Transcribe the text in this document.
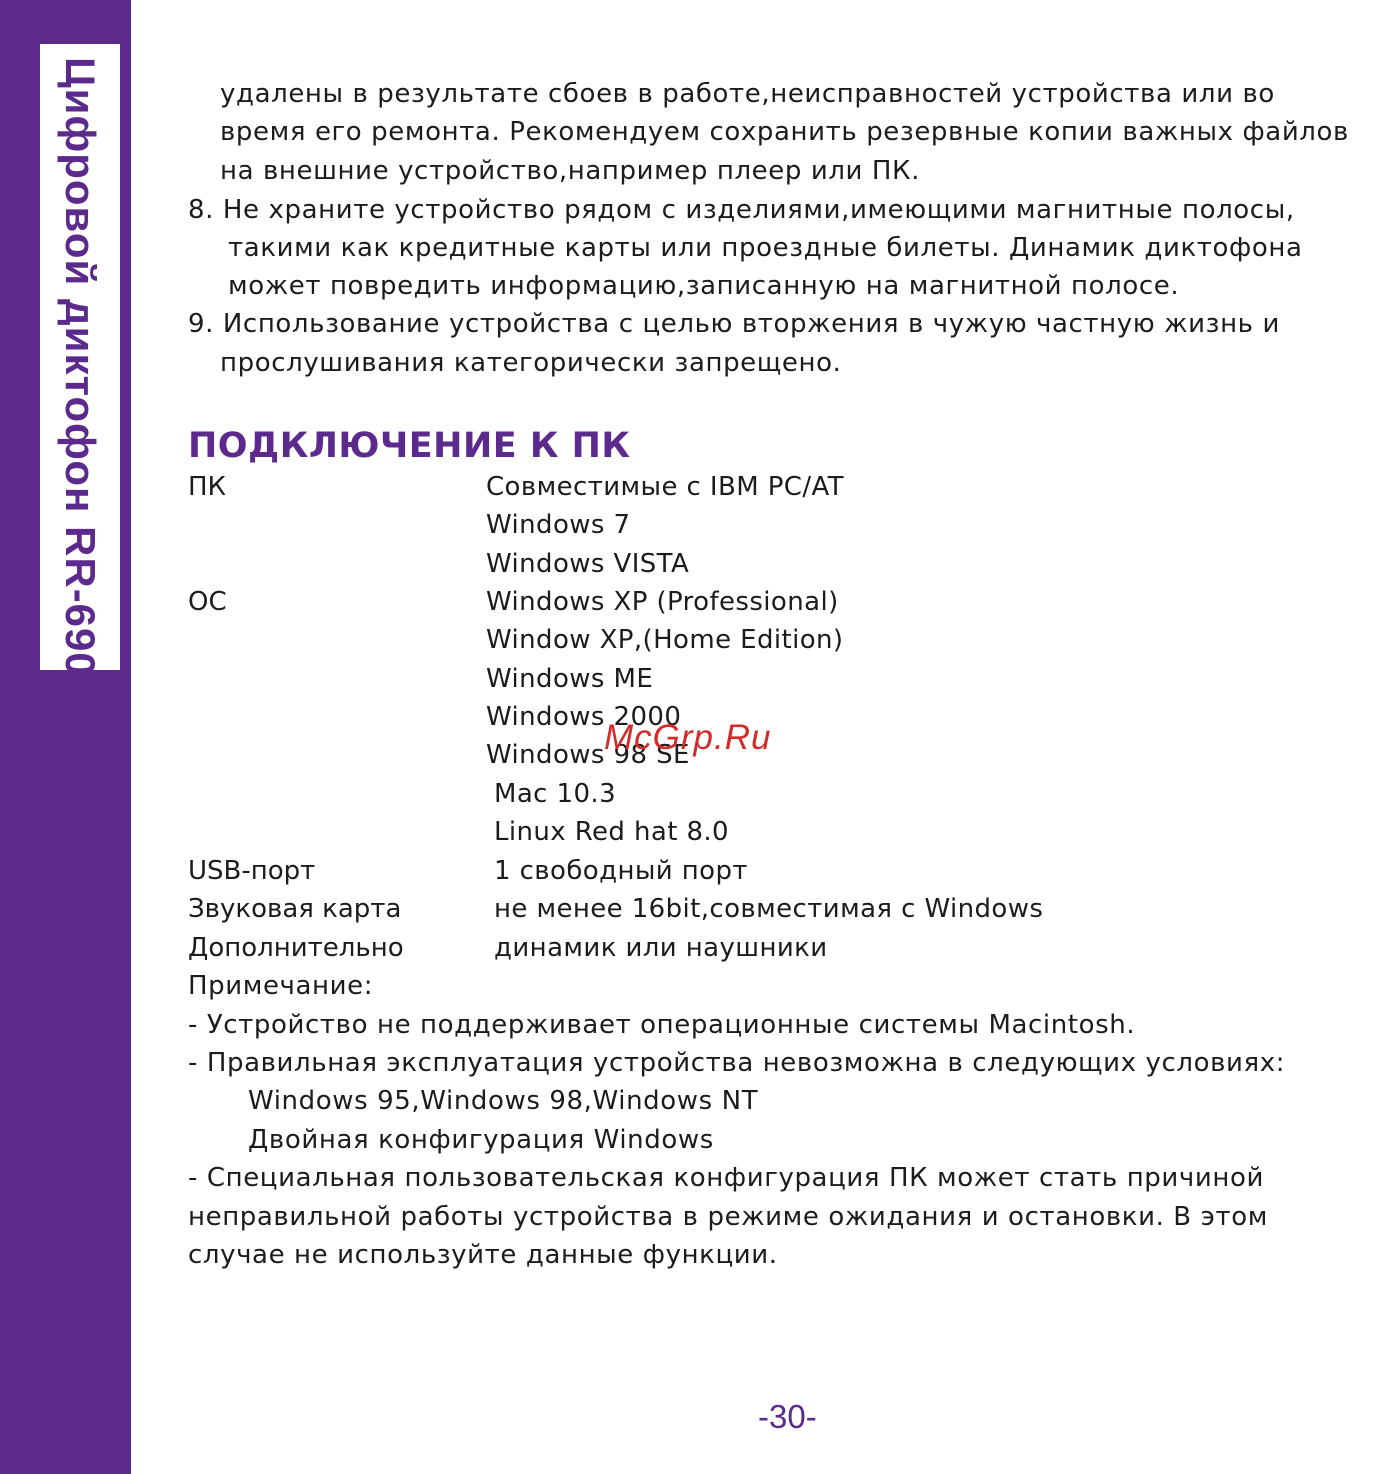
Цифровой диктофон RR-690	удалены в результате сбоев в работе,неисправностей устройства или во
время его ремонта. Рекомендуем сохранить резервные копии важных файлов
на внешние устройство,например плеер или ПК.
8. Не храните устройство рядом с изделиями,имеющими магнитные полосы,
такими как кредитные карты или проездные билеты. Динамик диктофона
может повредить информацию,записанную на магнитной полосе.
9. Использование устройства с целью вторжения в чужую частную жизнь и
прослушивания категорически запрещено.
ПОДКЛЮЧЕНИЕ К ПК
ПК	Совместимые с IBM PC/AT
Windows 7
Windows VISTA
ОС	Windows XP (Professional)
Window XP,(Home Edition)
Windows ME
Windows 2000
Windows 98 SE
Mac 10.3
Linux Red hat 8.0
USB-порт	1 свободный порт
Звуковая карта	не менее 16bit,совместимая с Windows
Дополнительно	динамик или наушники
Примечание:
- Устройство не поддерживает операционные системы Macintosh.
- Правильная эксплуатация устройства невозможна в следующих условиях:
Windows 95,Windows 98,Windows NT
Двойная конфигурация Windows
- Специальная пользовательская конфигурация ПК может стать причиной
неправильной работы устройства в режиме ожидания и остановки. В этом
случае не используйте данные функции.
McGrp.Ru
-30-
